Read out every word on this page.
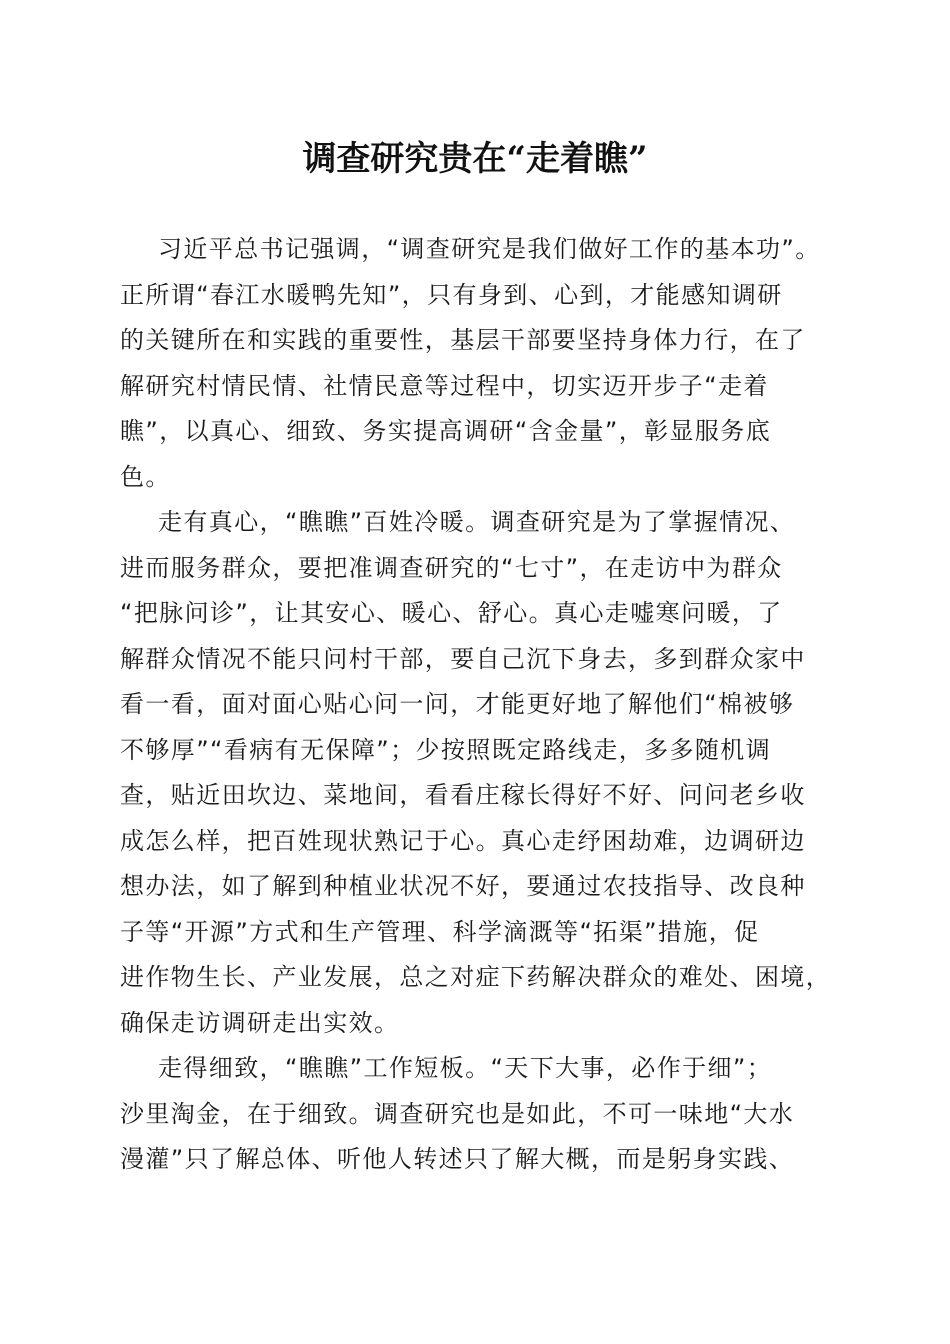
调查研究贵在“走着瞧”
习近平总书记强调，“调查研究是我们做好工作的基本功”。
正所谓“春江水暖鸭先知”，只有身到、心到，才能感知调研
的关键所在和实践的重要性，基层干部要坚持身体力行，在了
解研究村情民情、社情民意等过程中，切实迈开步子“走着
瞧”，以真心、细致、务实提高调研“含金量”，彰显服务底
色。
走有真心，“瞧瞧”百姓冷暖。调查研究是为了掌握情况、
进而服务群众，要把准调查研究的“七寸”，在走访中为群众
“把脉问诊”，让其安心、暖心、舒心。真心走嘘寒问暖，了
解群众情况不能只问村干部，要自己沉下身去，多到群众家中
看一看，面对面心贴心问一问，才能更好地了解他们“棉被够
不够厚”“看病有无保障”；少按照既定路线走，多多随机调
查，贴近田坎边、菜地间，看看庄稼长得好不好、问问老乡收
成怎么样，把百姓现状熟记于心。真心走纾困劫难，边调研边
想办法，如了解到种植业状况不好，要通过农技指导、改良种
子等“开源”方式和生产管理、科学滴溉等“拓渠”措施，促
进作物生长、产业发展，总之对症下药解决群众的难处、困境，
确保走访调研走出实效。
走得细致，“瞧瞧”工作短板。“天下大事，必作于细”；
沙里淘金，在于细致。调查研究也是如此，不可一味地“大水
漫灌”只了解总体、听他人转述只了解大概，而是躬身实践、
